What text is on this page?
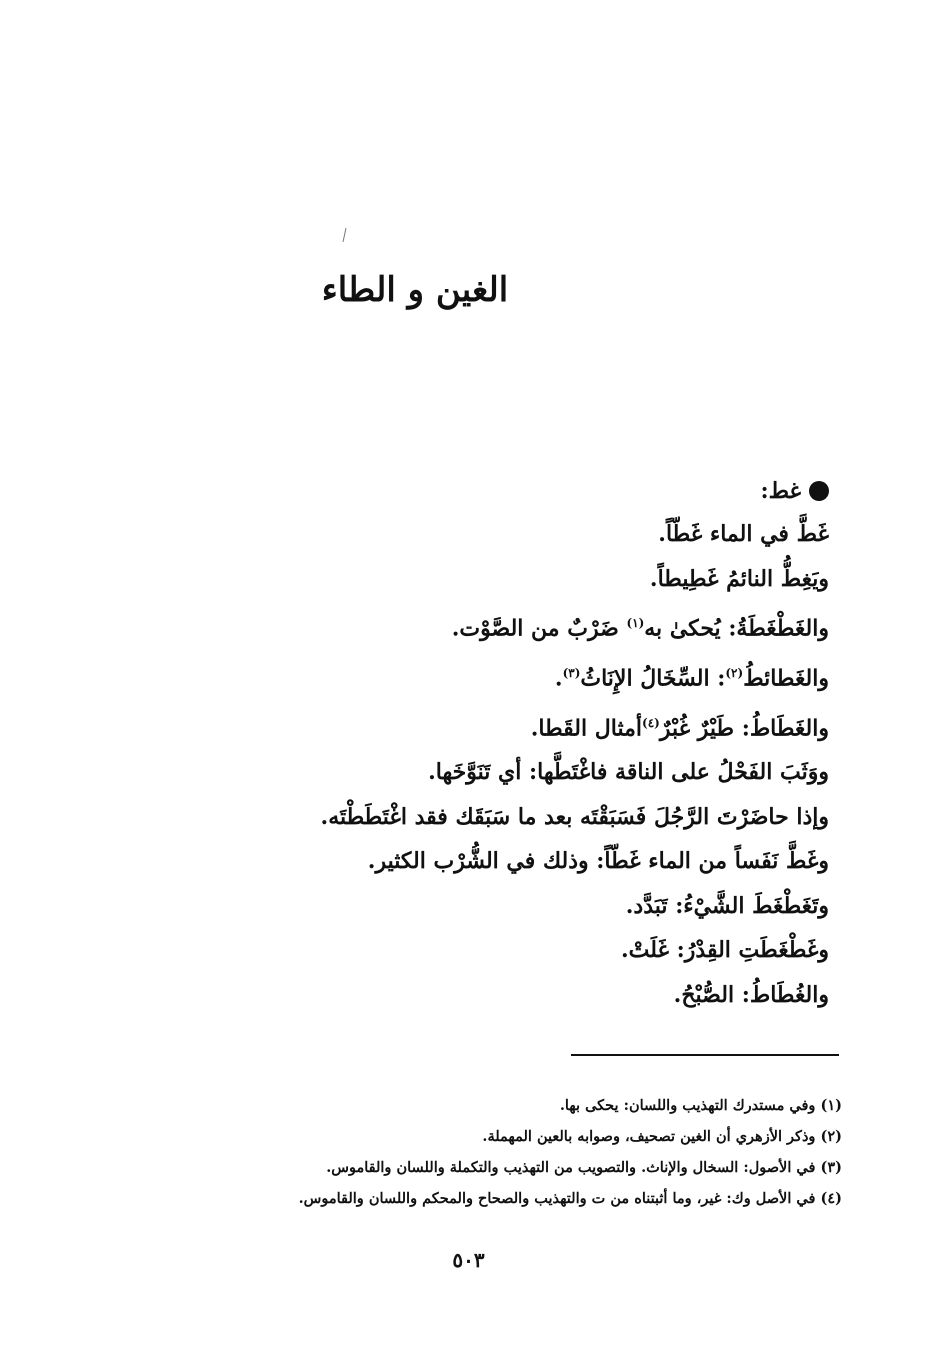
الغين و الطاء
غط:
غَطَّ في الماء غَطّاً.
ويَغِطُّ النائمُ غَطِيطاً.
والغَطْغَطَةُ: يُحكىٰ به$^{(١)}$ ضَرْبٌ من الصَّوْت.
والغَطائطُ$^{(٢)}$: السِّخَالُ الإِنَاثُ$^{(٣)}$.
والغَطَاطُ: طَيْرٌ غُبْرٌ$^{(٤)}$أمثال القَطا.
ووَثَبَ الفَحْلُ على الناقة فاغْتَطَّها: أي تَنَوَّخَها.
وإذا حاضَرْتَ الرَّجُلَ فَسَبَقْتَه بعد ما سَبَقَك فقد اغْتَطَطْتَه.
وغَطَّ نَفَساً من الماء غَطّاً: وذلك في الشُّرْب الكثير.
وتَغَطْغَطَ الشَّيْءُ: تَبَدَّد.
وغَطْغَطَتِ القِدْرُ: غَلَتْ.
والغُطَاطُ: الصُّبْحُ.
(١) وفي مستدرك التهذيب واللسان: يحكى بها.
(٢) وذكر الأزهري أن الغين تصحيف، وصوابه بالعين المهملة.
(٣) في الأصول: السخال والإناث. والتصويب من التهذيب والتكملة واللسان والقاموس.
(٤) في الأصل وك: غير، وما أثبتناه من ت والتهذيب والصحاح والمحكم واللسان والقاموس.
٥٠٣
